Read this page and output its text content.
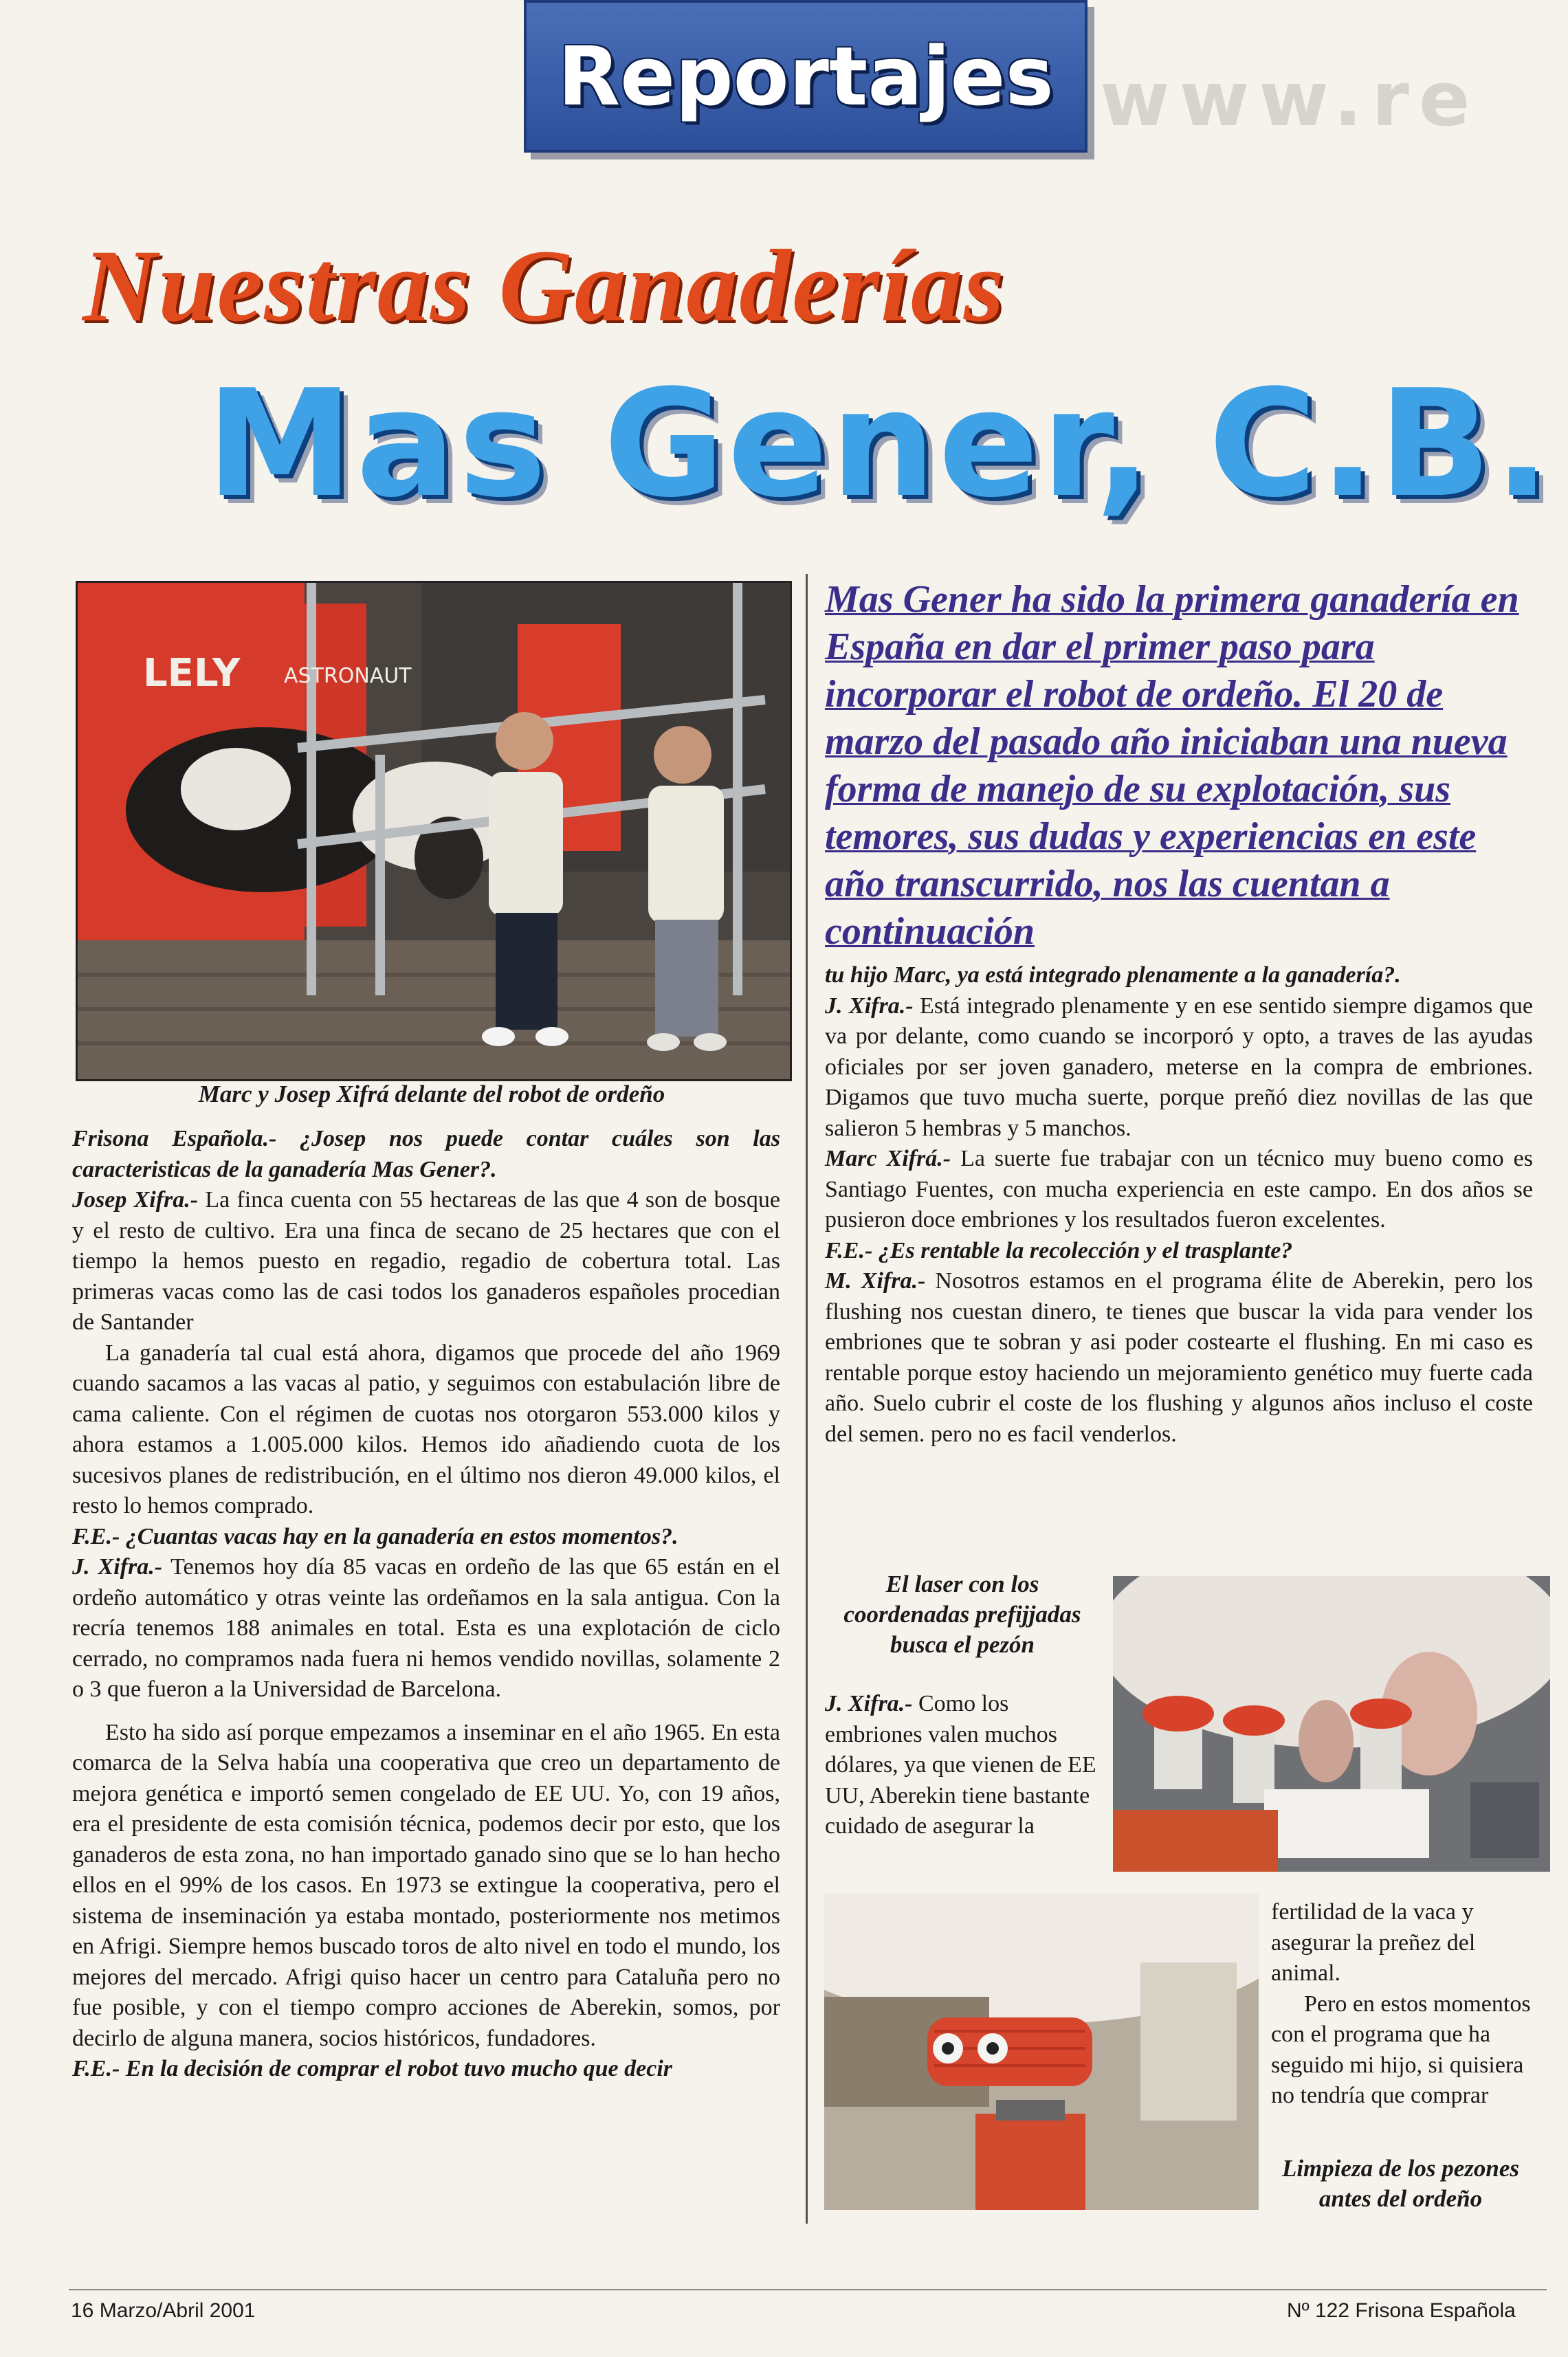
www.re
Reportajes
Nuestras Ganaderías
Mas Gener, C.B.
LELY ASTRONAUT
Marc y Josep Xifrá delante del robot de ordeño
Mas Gener ha sido la primera ganadería en España en dar el primer paso para incorporar el robot de ordeño. El 20 de marzo del pasado año iniciaban una nueva forma de manejo de su explotación, sus temores, sus dudas y experiencias en este año transcurrido, nos las cuentan a continuación

Frisona Española.- ¿Josep nos puede contar cuáles son las caracteristicas de la ganadería Mas Gener?.

Josep Xifra.- La finca cuenta con 55 hectareas de las que 4 son de bosque y el resto de cultivo. Era una finca de secano de 25 hectares que con el tiempo la hemos puesto en regadio, regadio de cobertura total. Las primeras vacas como las de casi todos los ganaderos españoles procedian de Santander

La ganadería tal cual está ahora, digamos que procede del año 1969 cuando sacamos a las vacas al patio, y seguimos con estabulación libre de cama caliente. Con el régimen de cuotas nos otorgaron 553.000 kilos y ahora estamos a 1.005.000 kilos. Hemos ido añadiendo cuota de los sucesivos planes de redistribución, en el último nos dieron 49.000 kilos, el resto lo hemos comprado.

F.E.- ¿Cuantas vacas hay en la ganadería en estos momentos?.

J. Xifra.- Tenemos hoy día 85 vacas en ordeño de las que 65 están en el ordeño automático y otras veinte las ordeñamos en la sala antigua. Con la recría tenemos 188 animales en total. Esta es una explotación de ciclo cerrado, no compramos nada fuera ni hemos vendido novillas, solamente 2 o 3 que fueron a la Universidad de Barcelona.

Esto ha sido así porque empezamos a inseminar en el año 1965. En esta comarca de la Selva había una cooperativa que creo un departamento de mejora genética e importó semen congelado de EE UU. Yo, con 19 años, era el presidente de esta comisión técnica, podemos decir por esto, que los ganaderos de esta zona, no han importado ganado sino que se lo han hecho ellos en el 99% de los casos. En 1973 se extingue la cooperativa, pero el sistema de inseminación ya estaba montado, posteriormente nos metimos en Afrigi. Siempre hemos buscado toros de alto nivel en todo el mundo, los mejores del mercado. Afrigi quiso hacer un centro para Cataluña pero no fue posible, y con el tiempo compro acciones de Aberekin, somos, por decirlo de alguna manera, socios históricos, fundadores.

F.E.- En la decisión de comprar el robot tuvo mucho que decir

tu hijo Marc, ya está integrado plenamente a la ganadería?.

J. Xifra.- Está integrado plenamente y en ese sentido siempre digamos que va por delante, como cuando se incorporó y opto, a traves de las ayudas oficiales por ser joven ganadero, meterse en la compra de embriones. Digamos que tuvo mucha suerte, porque preñó diez novillas de las que salieron 5 hembras y 5 manchos.

Marc Xifrá.- La suerte fue trabajar con un técnico muy bueno como es Santiago Fuentes, con mucha experiencia en este campo. En dos años se pusieron doce embriones y los resultados fueron excelentes.

F.E.- ¿Es rentable la recolección y el trasplante?

M. Xifra.- Nosotros estamos en el programa élite de Aberekin, pero los flushing nos cuestan dinero, te tienes que buscar la vida para vender los embriones que te sobran y asi poder costearte el flushing. En mi caso es rentable porque estoy haciendo un mejoramiento genético muy fuerte cada año. Suelo cubrir el coste de los flushing y algunos años incluso el coste del semen. pero no es facil venderlos.

El laser con los coordenadas prefijjadas busca el pezón

J. Xifra.- Como los embriones valen muchos dólares, ya que vienen de EE UU, Aberekin tiene bastante cuidado de asegurar la

fertilidad de la vaca y asegurar la preñez del animal.

Pero en estos momentos con el programa que ha seguido mi hijo, si quisiera no tendría que comprar

Limpieza de los pezones antes del ordeño
16 Marzo/Abril 2001	Nº 122 Frisona Española
